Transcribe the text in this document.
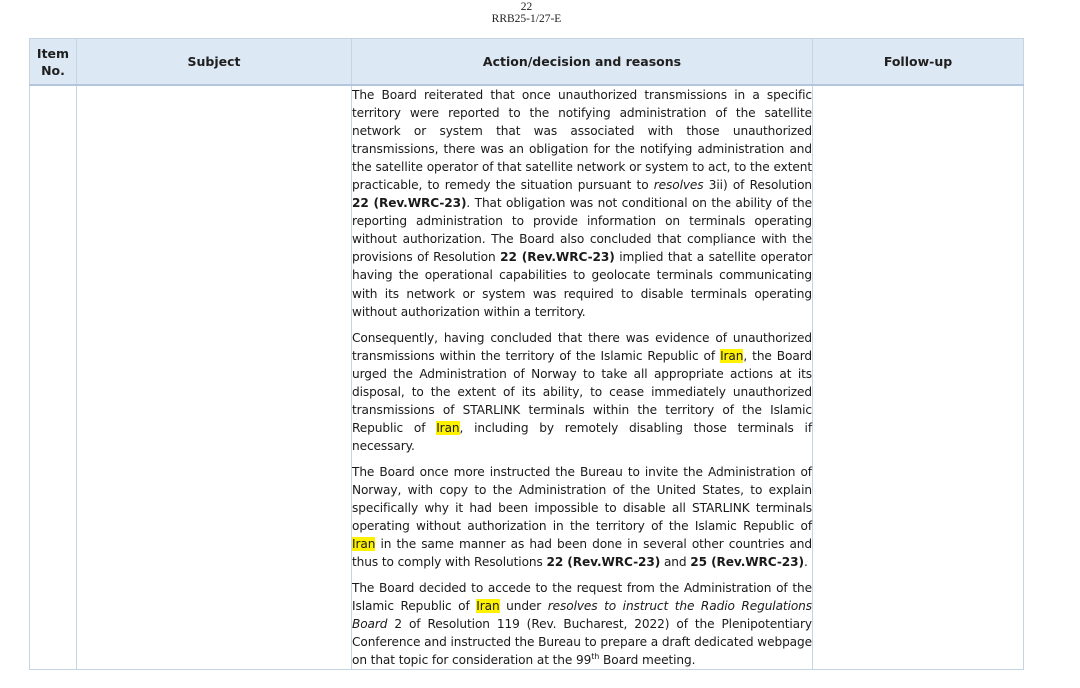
22
RRB25-1/27-E
Item No.	Subject	Action/decision and reasons	Follow-up

		The Board reiterated that once unauthorized transmissions in a specific territory were reported to the notifying administration of the satellite network or system that was associated with those unauthorized transmissions, there was an obligation for the notifying administration and the satellite operator of that satellite network or system to act, to the extent practicable, to remedy the situation pursuant to resolves 3ii) of Resolution 22 (Rev.WRC-23). That obligation was not conditional on the ability of the reporting administration to provide information on terminals operating without authorization. The Board also concluded that compliance with the provisions of Resolution 22 (Rev.WRC-23) implied that a satellite operator having the operational capabilities to geolocate terminals communicating with its network or system was required to disable terminals operating without authorization within a territory.

Consequently, having concluded that there was evidence of unauthorized transmissions within the territory of the Islamic Republic of Iran, the Board urged the Administration of Norway to take all appropriate actions at its disposal, to the extent of its ability, to cease immediately unauthorized transmissions of STARLINK terminals within the territory of the Islamic Republic of Iran, including by remotely disabling those terminals if necessary.

The Board once more instructed the Bureau to invite the Administration of Norway, with copy to the Administration of the United States, to explain specifically why it had been impossible to disable all STARLINK terminals operating without authorization in the territory of the Islamic Republic of Iran in the same manner as had been done in several other countries and thus to comply with Resolutions 22 (Rev.WRC-23) and 25 (Rev.WRC-23).

The Board decided to accede to the request from the Administration of the Islamic Republic of Iran under resolves to instruct the Radio Regulations Board 2 of Resolution 119 (Rev. Bucharest, 2022) of the Plenipotentiary Conference and instructed the Bureau to prepare a draft dedicated webpage on that topic for consideration at the 99th Board meeting.	
